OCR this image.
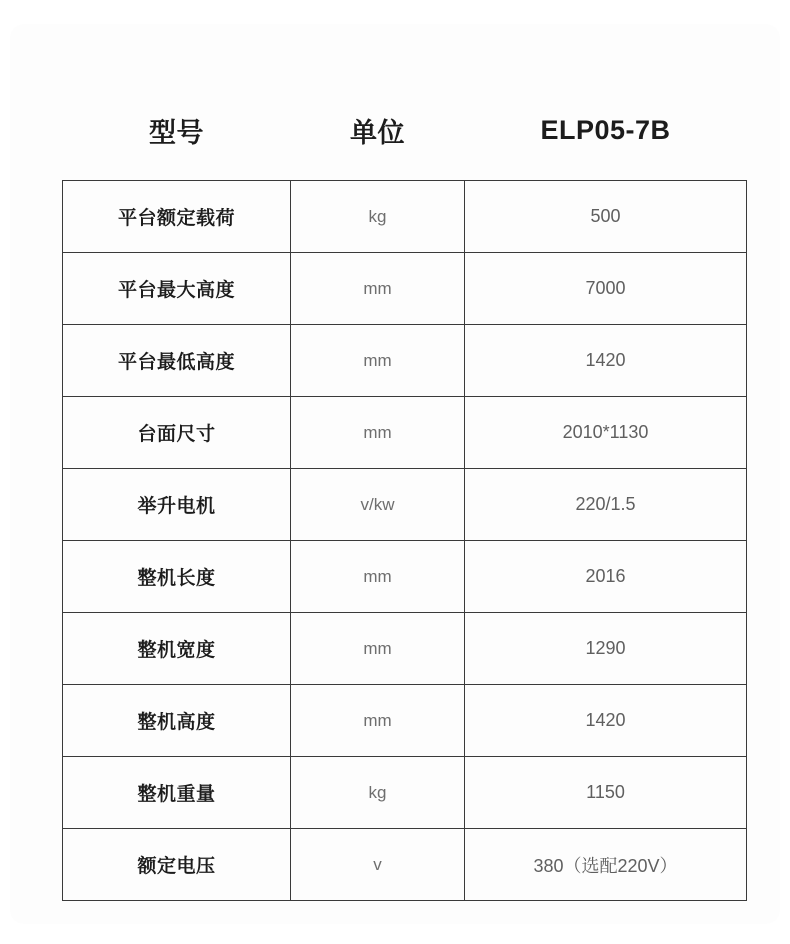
型号	单位	ELP05-7B
平台额定载荷	kg	500
平台最大高度	mm	7000
平台最低高度	mm	1420
台面尺寸	mm	2010*1130
举升电机	v/kw	220/1.5
整机长度	mm	2016
整机宽度	mm	1290
整机高度	mm	1420
整机重量	kg	1150
额定电压	v	380（选配220V）
